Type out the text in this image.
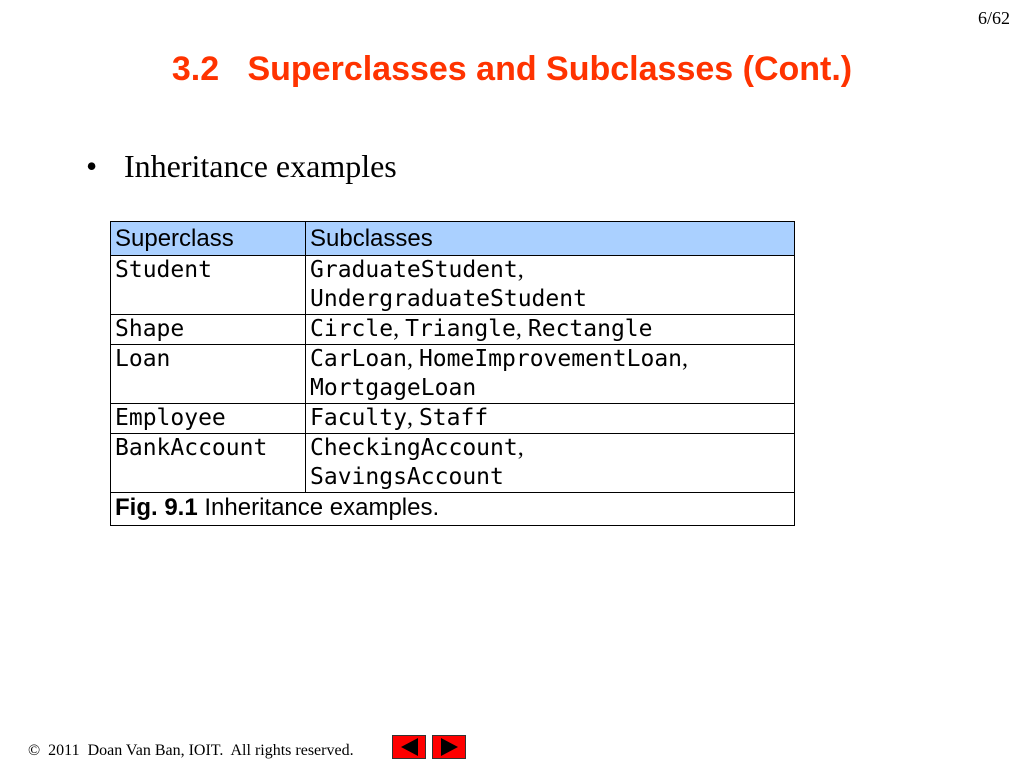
6/62
3.2   Superclasses and Subclasses (Cont.)
• Inheritance examples
Superclass	Subclasses
Student	GraduateStudent,
UndergraduateStudent
Shape	Circle, Triangle, Rectangle
Loan	CarLoan, HomeImprovementLoan,
MortgageLoan
Employee	Faculty, Staff
BankAccount	CheckingAccount,
SavingsAccount
Fig. 9.1 Inheritance examples.	
©  2011  Doan Van Ban, IOIT.  All rights reserved.
